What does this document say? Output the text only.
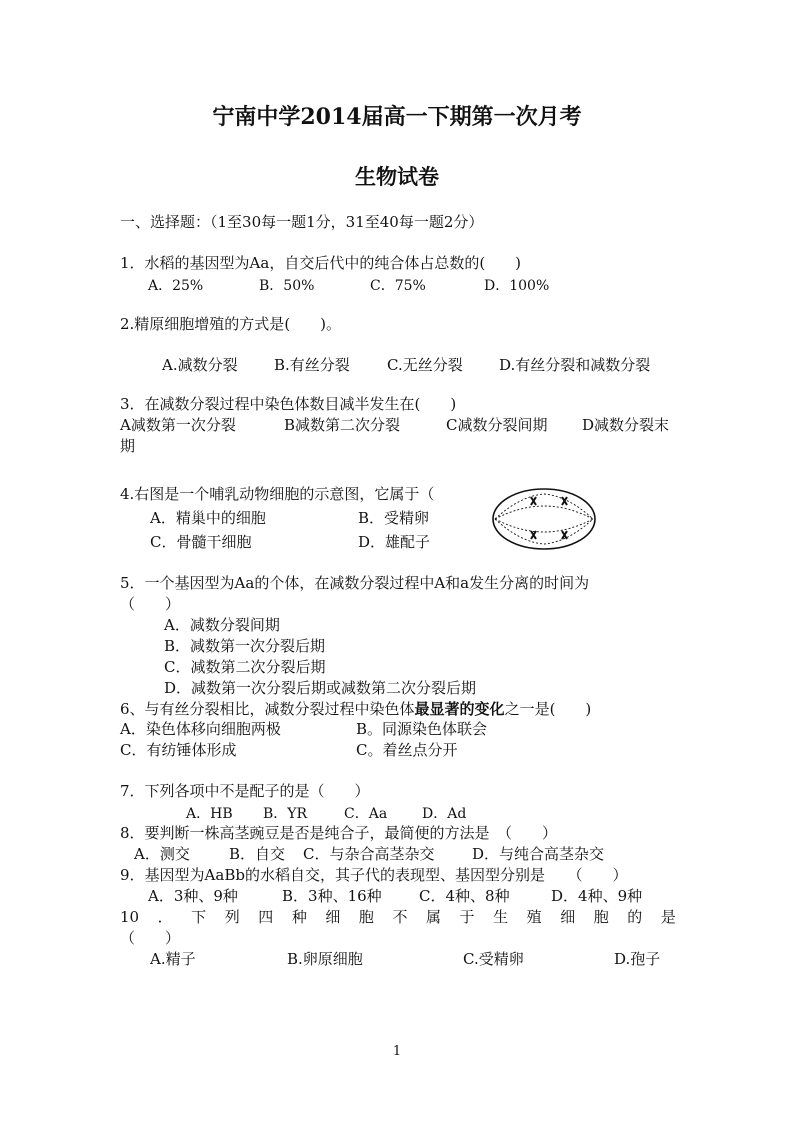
宁南中学2014届高一下期第一次月考
生物试卷
一、选择题：（1至30每一题1分，31至40每一题2分）
1．水稻的基因型为Aa，自交后代中的纯合体占总数的(　　)
A．25%	B．50%	C．75%	D．100%
2.精原细胞增殖的方式是(　　)。
A.减数分裂 B.有丝分裂 C.无丝分裂 D.有丝分裂和减数分裂
3．在减数分裂过程中染色体数目减半发生在(　　)
A减数第一次分裂	B减数第二次分裂	C减数分裂间期 D减数分裂末
期
4.右图是一个哺乳动物细胞的示意图，它属于（
A．精巢中的细胞	B．受精卵
C．骨髓干细胞	D．雄配子
5．一个基因型为Aa的个体，在减数分裂过程中A和a发生分离的时间为
（　　）
A．减数分裂间期
B．减数第一次分裂后期
C．减数第二次分裂后期
D．减数第一次分裂后期或减数第二次分裂后期
6、与有丝分裂相比，减数分裂过程中染色体最显著的变化之一是(　　)
A．染色体移向细胞两极	B。同源染色体联会
C．有纺锤体形成	C。着丝点分开
7．下列各项中不是配子的是（　　）
A．HB B．YR	C．Aa D．Ad
8．要判断一株高茎豌豆是否是纯合子，最简便的方法是　（　　）
A．测交	B．自交 C．与杂合高茎杂交	D．与纯合高茎杂交
9．基因型为AaBb的水稻自交，其子代的表现型、基因型分别是　　（　　）
A．3种、9种	B．3种、16种 C．4种、8种	D．4种、9种
10 ． 下 列 四 种 细 胞 不 属 于 生 殖 细 胞 的 是
（　　）
A.精子	B.卵原细胞	C.受精卵	D.孢子
1
